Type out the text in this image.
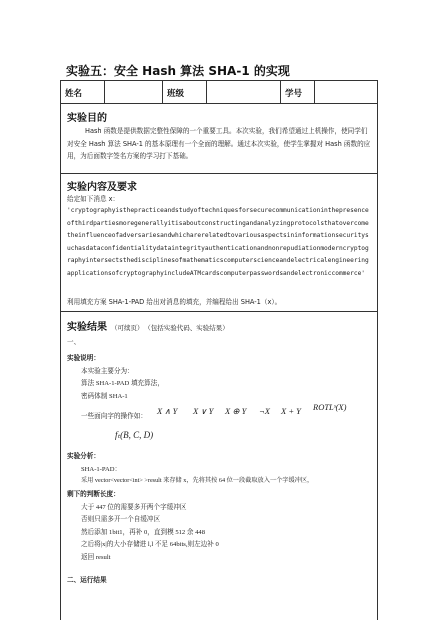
​
实验五：安全 Hash 算法 SHA-1 的实现
姓名	班级	学号
实验目的
Hash 函数是提供数据完整性保障的一个重要工具。本次实验，我们希望通过上机操作，使同学们对安全 Hash 算法 SHA-1 的基本原理有一个全面的理解。通过本次实验，使学生掌握对 Hash 函数的应用，为后面数字签名方案的学习打下基础。
实验内容及要求
给定如下消息 x：
'cryptographyisthepracticeandstudyoftechniquesforsecurecommunicationinthepresenceofthirdpartiesmoregenerallyitisaboutconstructingandanalyzingprotocolsthatovercometheinfluenceofadversariesandwhicharerelatedtovariousaspectsininformationsecuritysuchasdataconfidentialitydataintegrityauthenticationandnonrepudiationmoderncryptographyintersectsthedisciplinesofmathematicscomputerscienceandelectricalengineeringapplicationsofcryptographyincludeATMcardscomputerpasswordsandelectroniccommerce'
利用填充方案 SHA-1-PAD 给出对消息的填充，并编程给出 SHA-1（x）。
实验结果 （可续页） （包括实验代码、实验结果）
一、
实验说明：
本实验主要分为：
算法 SHA-1-PAD 填充算法，
密码体制 SHA-1
一些面向字的操作如：
X ∧ Y X ∨ Y X ⊕ Y ¬X X + Y ROTLˢ(X)
fₜ(B, C, D)
实验分析：
SHA-1-PAD：
采用 vector<vector<int> >result 来存储 x，先将其按 64 位一段截取放入一个字缓冲区，
剩下的判断长度：
大于 447 位的需要多开两个字缓冲区
否则只需多开一个自缓冲区
然后添加 1bit1，再补 0，直到模 512 余 448
之后将|x|的大小存储进 l,l 不足 64bits,则左边补 0
返回 result
二、运行结果
